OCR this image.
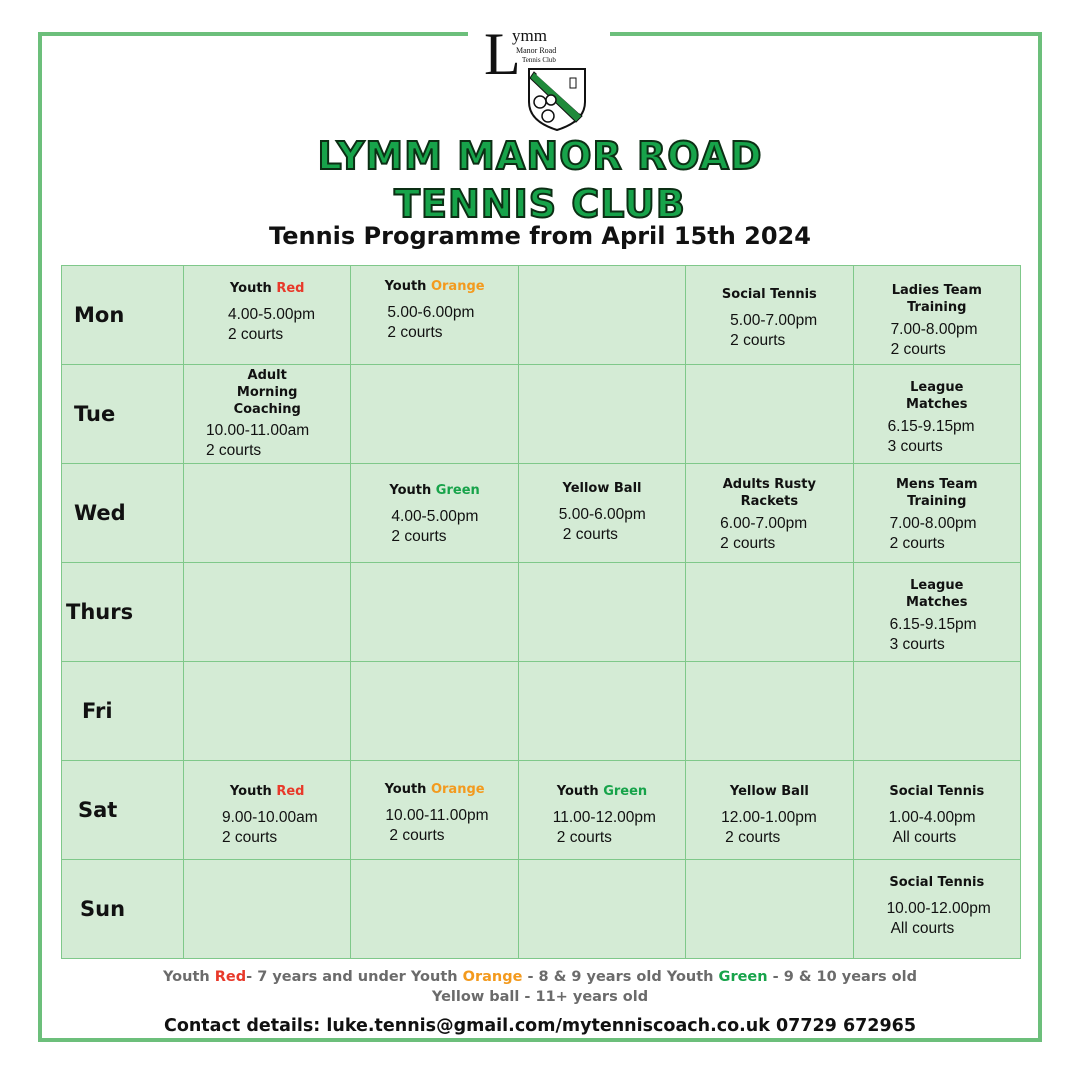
L
ymm
Manor Road
Tennis Club
LYMM MANOR ROAD
TENNIS CLUB
Tennis Programme from April 15th 2024
Mon	Youth Red
4.00-5.00pm
2 courts	Youth Orange
5.00-6.00pm
2 courts		Social Tennis
5.00-7.00pm
2 courts	Ladies Team
Training
7.00-8.00pm
2 courts

Tue	Adult
Morning
Coaching
10.00-11.00am
2 courts				League
Matches
6.15-9.15pm
3 courts

Wed		Youth Green
4.00-5.00pm
2 courts	Yellow Ball
5.00-6.00pm
2 courts	Adults Rusty
Rackets
6.00-7.00pm
2 courts	Mens Team
Training
7.00-8.00pm
2 courts

Thurs					League
Matches
6.15-9.15pm
3 courts

Fri					
Sat	Youth Red
9.00-10.00am
2 courts	Youth Orange
10.00-11.00pm
2 courts	Youth Green
11.00-12.00pm
2 courts	Yellow Ball
12.00-1.00pm
2 courts	Social Tennis
1.00-4.00pm
All courts

Sun					Social Tennis
10.00-12.00pm
All courts
Youth Red- 7 years and under Youth Orange - 8 & 9 years old Youth Green - 9 & 10 years old
Yellow ball - 11+ years old
Contact details: luke.tennis@gmail.com/mytenniscoach.co.uk 07729 672965
